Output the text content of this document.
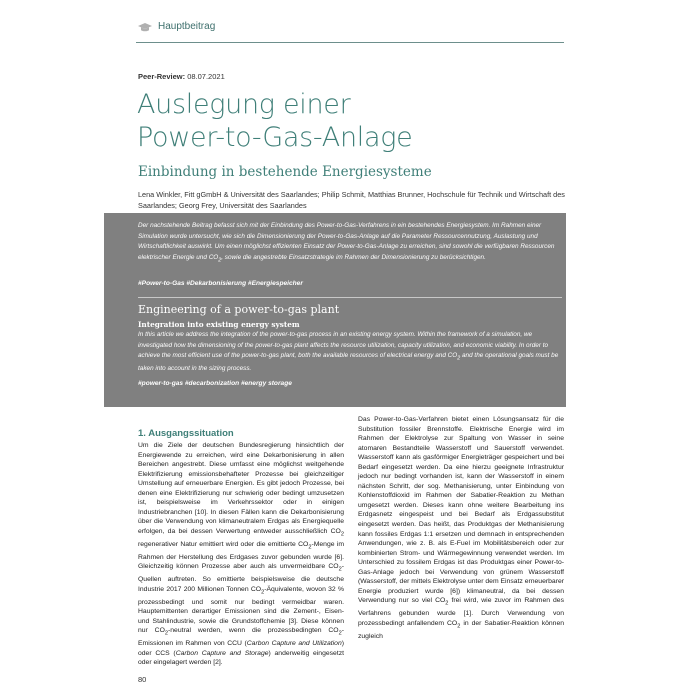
Hauptbeitrag
Peer-Review: 08.07.2021
Auslegung einer
Power-to-Gas-Anlage
Einbindung in bestehende Energiesysteme
Lena Winkler, Fitt gGmbH & Universität des Saarlandes; Philip Schmit, Matthias Brunner, Hochschule für Technik und Wirtschaft des Saarlandes; Georg Frey, Universität des Saarlandes
Der nachstehende Beitrag befasst sich mit der Einbindung des Power-to-Gas-Verfahrens in ein bestehendes Energiesystem. Im Rahmen einer Simulation wurde untersucht, wie sich die Dimensionierung der Power-to-Gas-Anlage auf die Parameter Ressourcennutzung, Auslastung und Wirtschaftlichkeit auswirkt. Um einen möglichst effizienten Einsatz der Power-to-Gas-Anlage zu erreichen, sind sowohl die verfügbaren Ressourcen elektrischer Energie und $CO_2$, sowie die angestrebte Einsatzstrategie im Rahmen der Dimensionierung zu berücksichtigen.
#Power-to-Gas #Dekarbonisierung #Energiespeicher
Engineering of a power-to-gas plant
Integration into existing energy system
In this article we address the integration of the power-to-gas process in an existing energy system. Within the framework of a simulation, we investigated how the dimensioning of the power-to-gas plant affects the resource utilization, capacity utilization, and economic viability. In order to achieve the most efficient use of the power-to-gas plant, both the available resources of electrical energy and $CO_2$ and the operational goals must be taken into account in the sizing process.
#power-to-gas #decarbonization #energy storage
1. Ausgangssituation

Um die Ziele der deutschen Bundesregierung hinsichtlich der Energiewende zu erreichen, wird eine Dekarbonisierung in allen Bereichen angestrebt. Diese umfasst eine möglichst weitgehende Elektrifizierung emissionsbehafteter Prozesse bei gleichzeitiger Umstellung auf erneuerbare Energien. Es gibt jedoch Prozesse, bei denen eine Elektrifizierung nur schwierig oder bedingt umzusetzen ist, beispielsweise im Verkehrssektor oder in einigen Industriebranchen [10]. In diesen Fällen kann die Dekarbonisierung über die Verwendung von klimaneutralem Erdgas als Energiequelle erfolgen, da bei dessen Verwertung entweder ausschließlich $CO_2$ regenerativer Natur emittiert wird oder die emittierte $CO_2$-Menge im Rahmen der Herstellung des Erdgases zuvor gebunden wurde [6]. Gleichzeitig können Prozesse aber auch als unvermeidbare $CO_2$-Quellen auftreten. So emittierte beispielsweise die deutsche Industrie 2017 200 Millionen Tonnen $CO_2$-Äquivalente, wovon 32 % prozessbedingt und somit nur bedingt vermeidbar waren. Hauptemittenten derartiger Emissionen sind die Zement-, Eisen- und Stahlindustrie, sowie die Grundstoffchemie [3]. Diese können nur $CO_2$-neutral werden, wenn die prozessbedingten $CO_2$-Emissionen im Rahmen von CCU (Carbon Capture and Utilization) oder CCS (Carbon Capture and Storage) anderweitig eingesetzt oder eingelagert werden [2].

Das Power-to-Gas-Verfahren bietet einen Lösungsansatz für die Substitution fossiler Brennstoffe. Elektrische Energie wird im Rahmen der Elektrolyse zur Spaltung von Wasser in seine atomaren Bestandteile Wasserstoff und Sauerstoff verwendet. Wasserstoff kann als gasförmiger Energieträger gespeichert und bei Bedarf eingesetzt werden. Da eine hierzu geeignete Infrastruktur jedoch nur bedingt vorhanden ist, kann der Wasserstoff in einem nächsten Schritt, der sog. Methanisierung, unter Einbindung von Kohlenstoffdioxid im Rahmen der Sabatier-Reaktion zu Methan umgesetzt werden. Dieses kann ohne weitere Bearbeitung ins Erdgasnetz eingespeist und bei Bedarf als Erdgassubstitut eingesetzt werden. Das heißt, das Produktgas der Methanisierung kann fossiles Erdgas 1:1 ersetzen und demnach in entsprechenden Anwendungen, wie z. B. als E-Fuel im Mobilitätsbereich oder zur kombinierten Strom- und Wärmegewinnung verwendet werden. Im Unterschied zu fossilem Erdgas ist das Produktgas einer Power-to-Gas-Anlage jedoch bei Verwendung von grünem Wasserstoff (Wasserstoff, der mittels Elektrolyse unter dem Einsatz erneuerbarer Energie produziert wurde [6]) klimaneutral, da bei dessen Verwendung nur so viel $CO_2$ frei wird, wie zuvor im Rahmen des Verfahrens gebunden wurde [1]. Durch Verwendung von prozessbedingt anfallendem $CO_2$ in der Sabatier-Reaktion können zugleich

80
